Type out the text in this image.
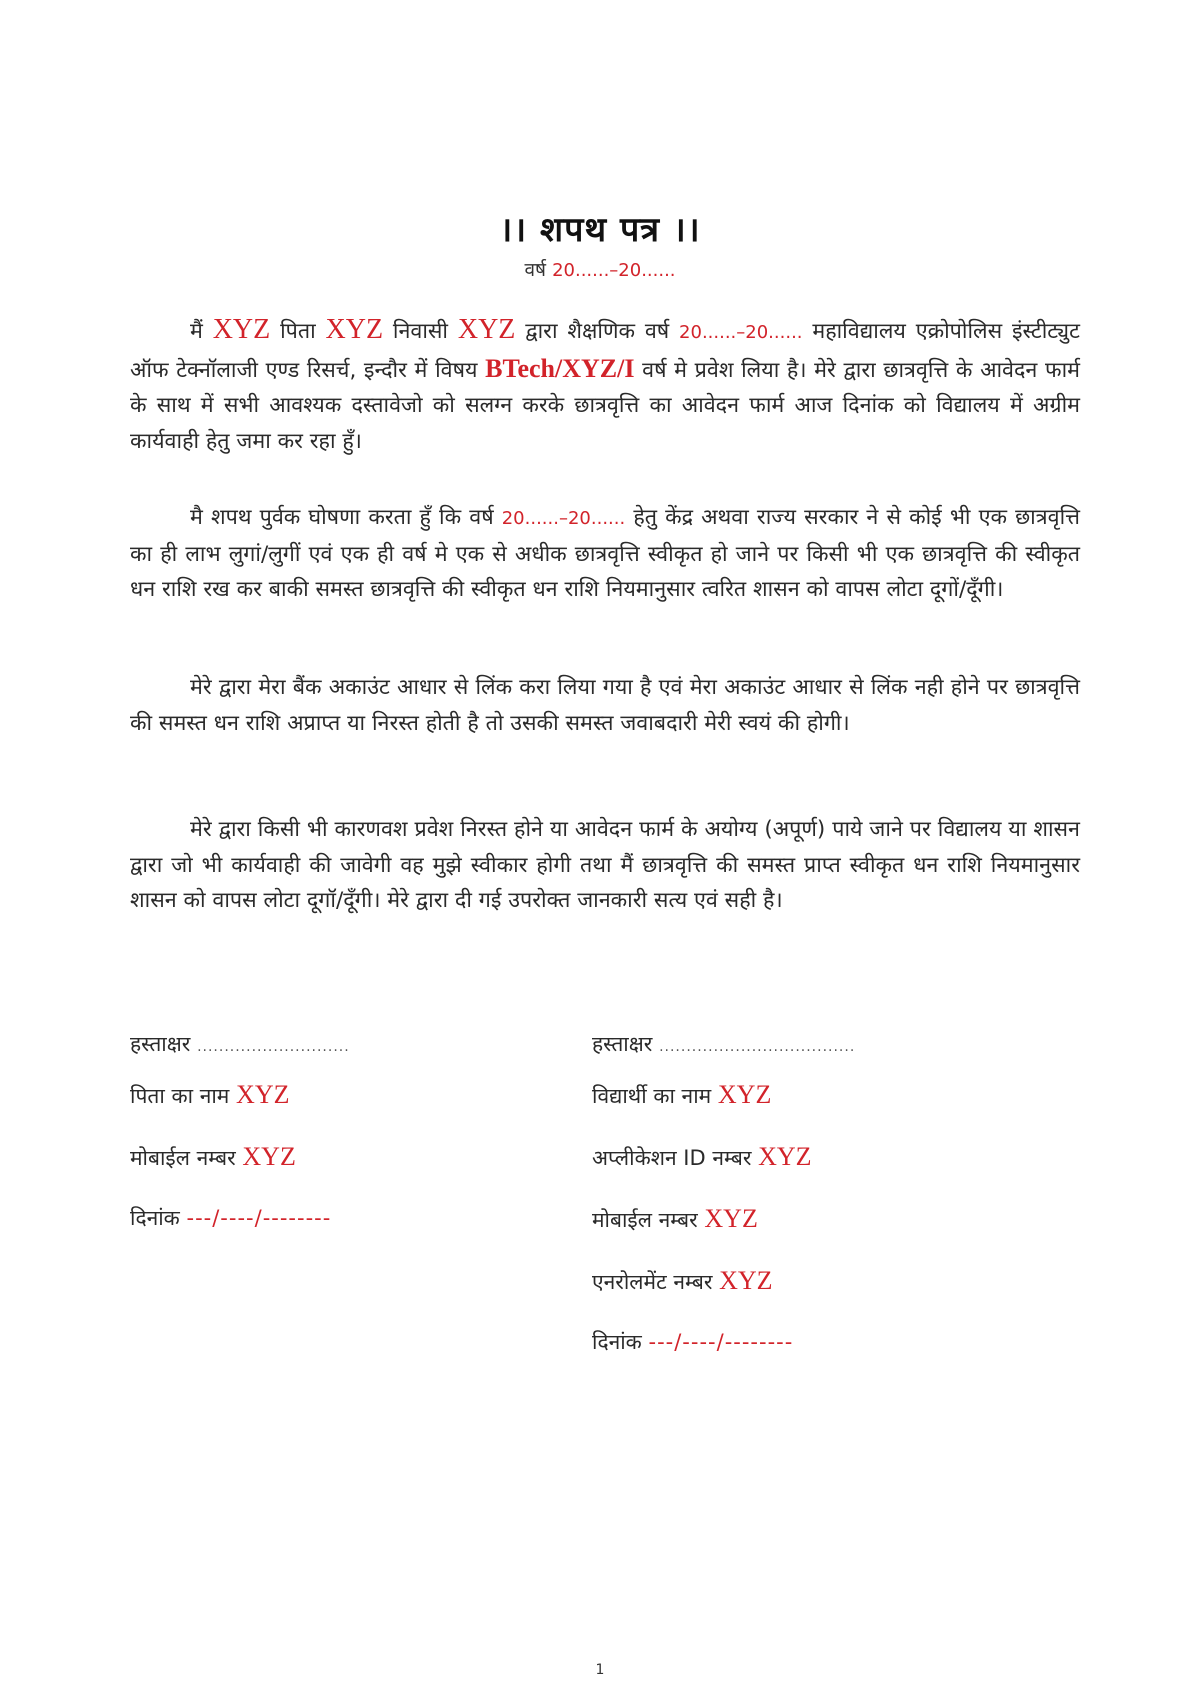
।। शपथ पत्र ।।
वर्ष 20......–20......

मैं XYZ पिता XYZ निवासी XYZ द्वारा शैक्षणिक वर्ष 20......–20...... महाविद्यालय एक्रोपोलिस इंस्टीट्युट ऑफ टेक्नॉलाजी एण्ड रिसर्च, इन्दौर में विषय BTech/XYZ/I वर्ष मे प्रवेश लिया है। मेरे द्वारा छात्रवृत्ति के आवेदन फार्म के साथ में सभी आवश्यक दस्तावेजो को सलग्न करके छात्रवृत्ति का आवेदन फार्म आज दिनांक को विद्यालय में अग्रीम कार्यवाही हेतु जमा कर रहा हुँ।

मै शपथ पुर्वक घोषणा करता हुँ कि वर्ष 20......–20...... हेतु केंद्र अथवा राज्य सरकार ने से कोई भी एक छात्रवृत्ति का ही लाभ लुगां/लुगीं एवं एक ही वर्ष मे एक से अधीक छात्रवृत्ति स्वीकृत हो जाने पर किसी भी एक छात्रवृत्ति की स्वीकृत धन राशि रख कर बाकी समस्त छात्रवृत्ति की स्वीकृत धन राशि नियमानुसार त्वरित शासन को वापस लोटा दूगों/दूँगी।

मेरे द्वारा मेरा बैंक अकाउंट आधार से लिंक करा लिया गया है एवं मेरा अकाउंट आधार से लिंक नही होने पर छात्रवृत्ति की समस्त धन राशि अप्राप्त या निरस्त होती है तो उसकी समस्त जवाबदारी मेरी स्वयं की होगी।

मेरे द्वारा किसी भी कारणवश प्रवेश निरस्त होने या आवेदन फार्म के अयोग्य (अपूर्ण) पाये जाने पर विद्यालय या शासन द्वारा जो भी कार्यवाही की जावेगी वह मुझे स्वीकार होगी तथा मैं छात्रवृत्ति की समस्त प्राप्त स्वीकृत धन राशि नियमानुसार शासन को वापस लोटा दूगॉ/दूँगी। मेरे द्वारा दी गई उपरोक्त जानकारी सत्य एवं सही है।

हस्ताक्षर ............................
पिता का नाम XYZ
मोबाईल नम्बर XYZ
दिनांक ---/----/--------
हस्ताक्षर ....................................
विद्यार्थी का नाम XYZ
अप्लीकेशन ID नम्बर XYZ
मोबाईल नम्बर XYZ
एनरोलमेंट नम्बर XYZ
दिनांक ---/----/--------
1
